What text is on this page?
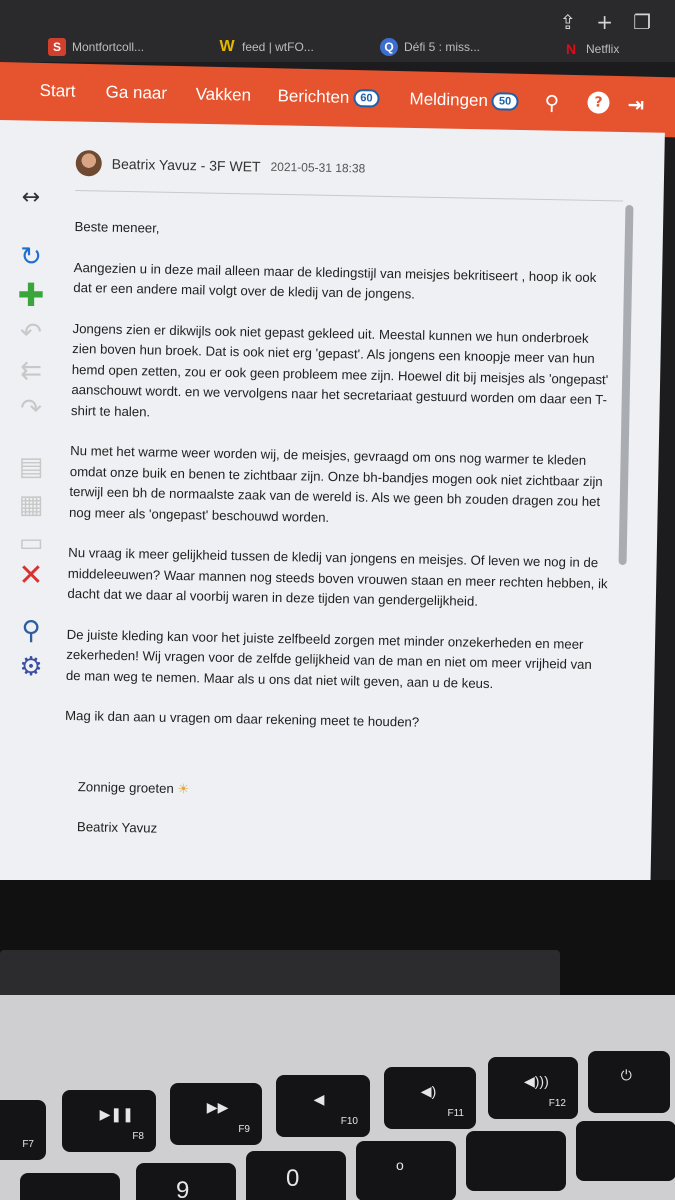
⇪ + ❐
S Montfortcoll...	W feed | wtFO...	Q Défi 5 : miss...	N Netflix
Start Ga naar Vakken Berichten 60	Meldingen 50	⚲	?	⇥
↔
↻
✚
↶
⇇
↷
▤
▦
▭
✕
⚲
⚙
Beatrix Yavuz - 3F WET 2021-05-31 18:38

Beste meneer,

Aangezien u in deze mail alleen maar de kledingstijl van meisjes bekritiseert , hoop ik ook dat er een andere mail volgt over de kledij van de jongens.

Jongens zien er dikwijls ook niet gepast gekleed uit. Meestal kunnen we hun onderbroek zien boven hun broek. Dat is ook niet erg 'gepast'. Als jongens een knoopje meer van hun hemd open zetten, zou er ook geen probleem mee zijn. Hoewel dit bij meisjes als 'ongepast' aanschouwt wordt. en we vervolgens naar het secretariaat gestuurd worden om daar een T-shirt te halen.

Nu met het warme weer worden wij, de meisjes, gevraagd om ons nog warmer te kleden omdat onze buik en benen te zichtbaar zijn. Onze bh-bandjes mogen ook niet zichtbaar zijn terwijl een bh de normaalste zaak van de wereld is. Als we geen bh zouden dragen zou het nog meer als 'ongepast' beschouwd worden.

Nu vraag ik meer gelijkheid tussen de kledij van jongens en meisjes. Of leven we nog in de middeleeuwen? Waar mannen nog steeds boven vrouwen staan en meer rechten hebben, ik dacht dat we daar al voorbij waren in deze tijden van gendergelijkheid.

De juiste kleding kan voor het juiste zelfbeeld zorgen met minder onzekerheden en meer zekerheden! Wij vragen voor de zelfde gelijkheid van de man en niet om meer vrijheid van de man weg te nemen. Maar als u ons dat niet wilt geven, aan u de keus.

Mag ik dan aan u vragen om daar rekening meet te houden?

Zonnige groeten ☀

Beatrix Yavuz

F7
▶❚❚
F8
▶▶
F9
◀
F10
◀)
F11
◀)))
F12
⏻
9	0	o
